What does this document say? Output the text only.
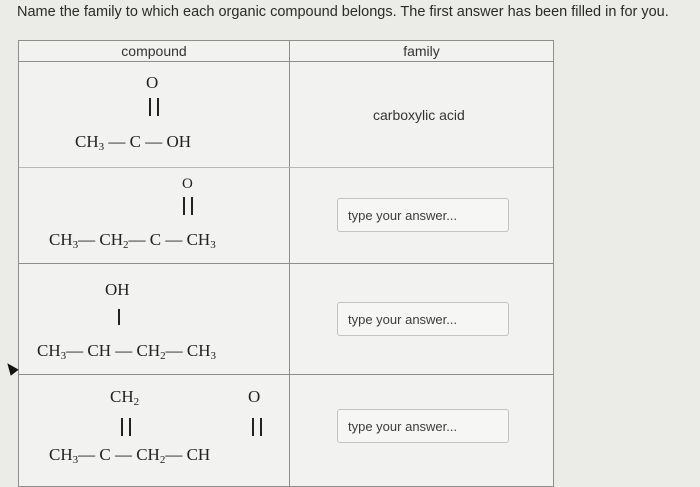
Name the family to which each organic compound belongs. The first answer has been filled in for you.
compound	family
O
$CH_3$ — C — OH
carboxylic acid
O
$CH_3—$ $CH_2—$ C — $CH_3$
type your answer...
OH
$CH_3—$ CH — $CH_2—$ $CH_3$
type your answer...
$CH_2$	O
$CH_3—$ C — $CH_2—$ CH
type your answer...
